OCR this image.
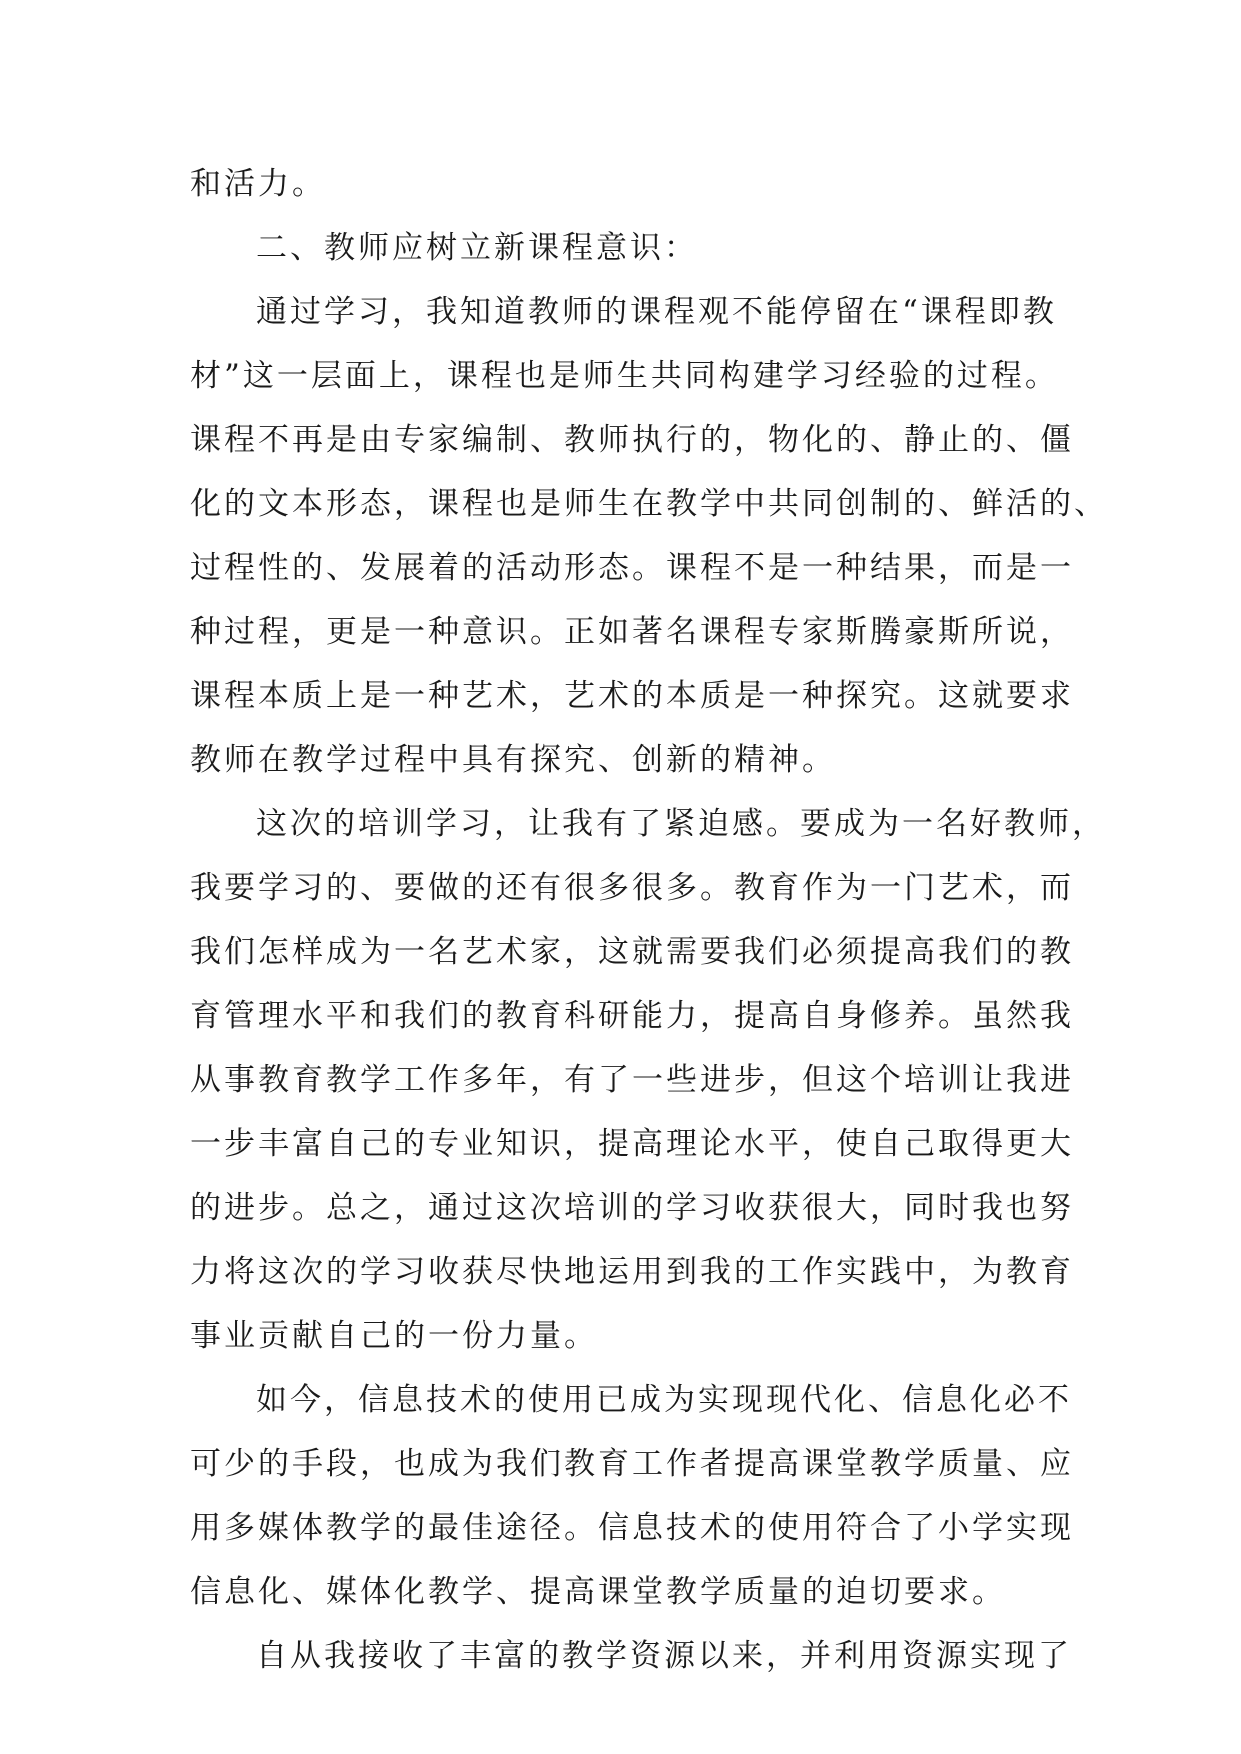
和活力。
二、教师应树立新课程意识：
通过学习，我知道教师的课程观不能停留在“课程即教
材”这一层面上，课程也是师生共同构建学习经验的过程。
课程不再是由专家编制、教师执行的，物化的、静止的、僵
化的文本形态，课程也是师生在教学中共同创制的、鲜活的、
过程性的、发展着的活动形态。课程不是一种结果，而是一
种过程，更是一种意识。正如著名课程专家斯腾豪斯所说，
课程本质上是一种艺术，艺术的本质是一种探究。这就要求
教师在教学过程中具有探究、创新的精神。
这次的培训学习，让我有了紧迫感。要成为一名好教师，
我要学习的、要做的还有很多很多。教育作为一门艺术，而
我们怎样成为一名艺术家，这就需要我们必须提高我们的教
育管理水平和我们的教育科研能力，提高自身修养。虽然我
从事教育教学工作多年，有了一些进步，但这个培训让我进
一步丰富自己的专业知识，提高理论水平，使自己取得更大
的进步。总之，通过这次培训的学习收获很大，同时我也努
力将这次的学习收获尽快地运用到我的工作实践中，为教育
事业贡献自己的一份力量。
如今，信息技术的使用已成为实现现代化、信息化必不
可少的手段，也成为我们教育工作者提高课堂教学质量、应
用多媒体教学的最佳途径。信息技术的使用符合了小学实现
信息化、媒体化教学、提高课堂教学质量的迫切要求。
自从我接收了丰富的教学资源以来，并利用资源实现了
